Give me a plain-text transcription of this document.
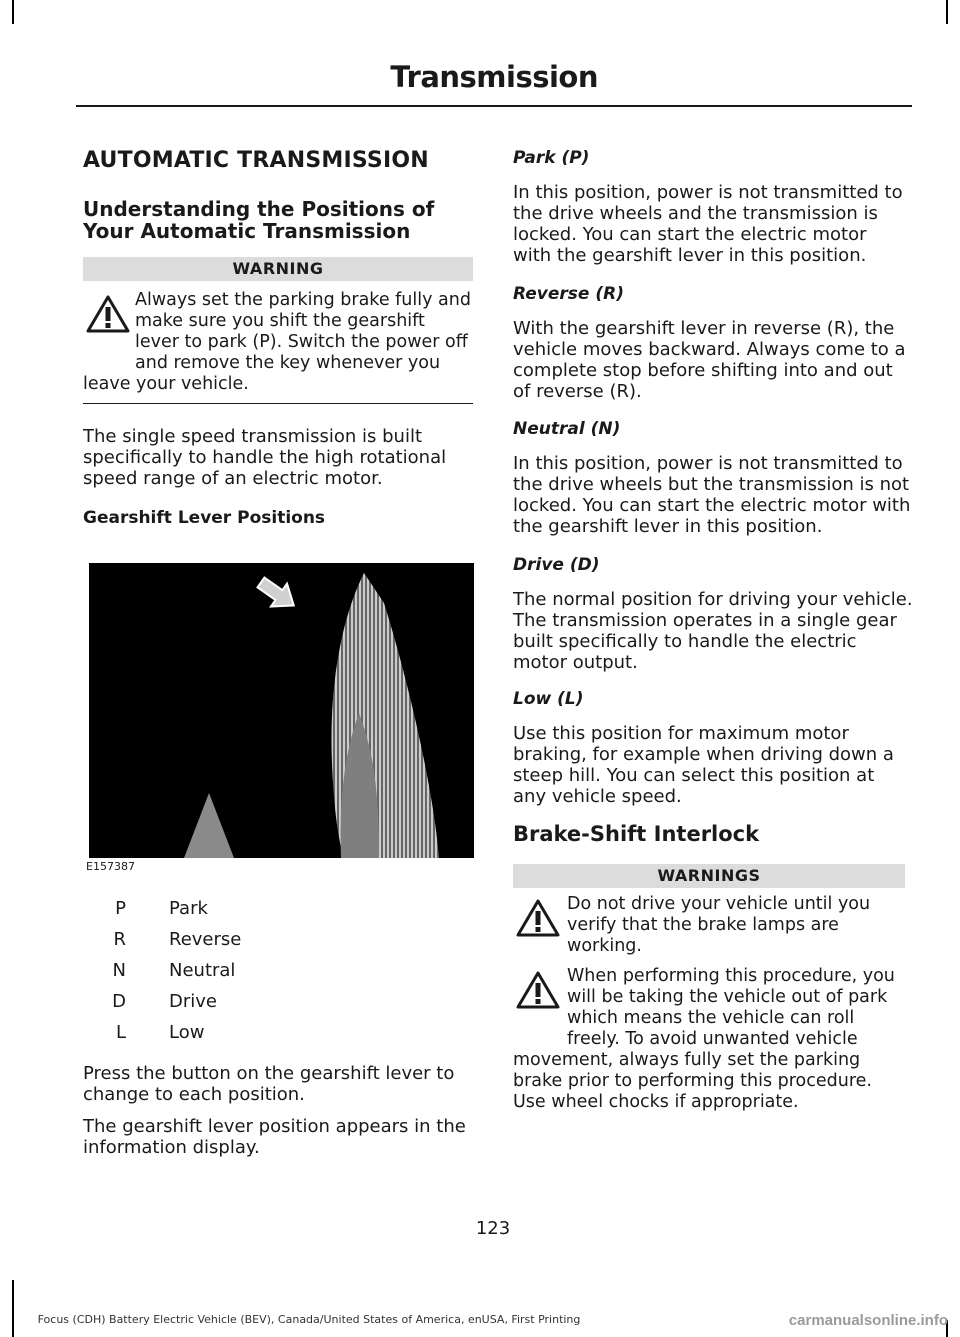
Transmission
AUTOMATIC TRANSMISSION
Understanding the Positions of Your Automatic Transmission
WARNING
Always set the parking brake fully and make sure you shift the gearshift lever to park (P). Switch the power off and remove the key whenever you leave your vehicle.
The single speed transmission is built specifically to handle the high rotational speed range of an electric motor.
Gearshift Lever Positions
E157387
P Park
R Reverse
N Neutral
D Drive
L Low
Press the button on the gearshift lever to change to each position.
The gearshift lever position appears in the information display.
Park (P)
In this position, power is not transmitted to the drive wheels and the transmission is locked. You can start the electric motor with the gearshift lever in this position.
Reverse (R)
With the gearshift lever in reverse (R), the vehicle moves backward. Always come to a complete stop before shifting into and out of reverse (R).
Neutral (N)
In this position, power is not transmitted to the drive wheels but the transmission is not locked. You can start the electric motor with the gearshift lever in this position.
Drive (D)
The normal position for driving your vehicle. The transmission operates in a single gear built specifically to handle the electric motor output.
Low (L)
Use this position for maximum motor braking, for example when driving down a steep hill. You can select this position at any vehicle speed.
Brake-Shift Interlock
WARNINGS
Do not drive your vehicle until you verify that the brake lamps are working.
When performing this procedure, you will be taking the vehicle out of park which means the vehicle can roll freely. To avoid unwanted vehicle movement, always fully set the parking brake prior to performing this procedure. Use wheel chocks if appropriate.
123
Focus (CDH) Battery Electric Vehicle (BEV), Canada/United States of America, enUSA, First Printing	carmanualsonline.info
